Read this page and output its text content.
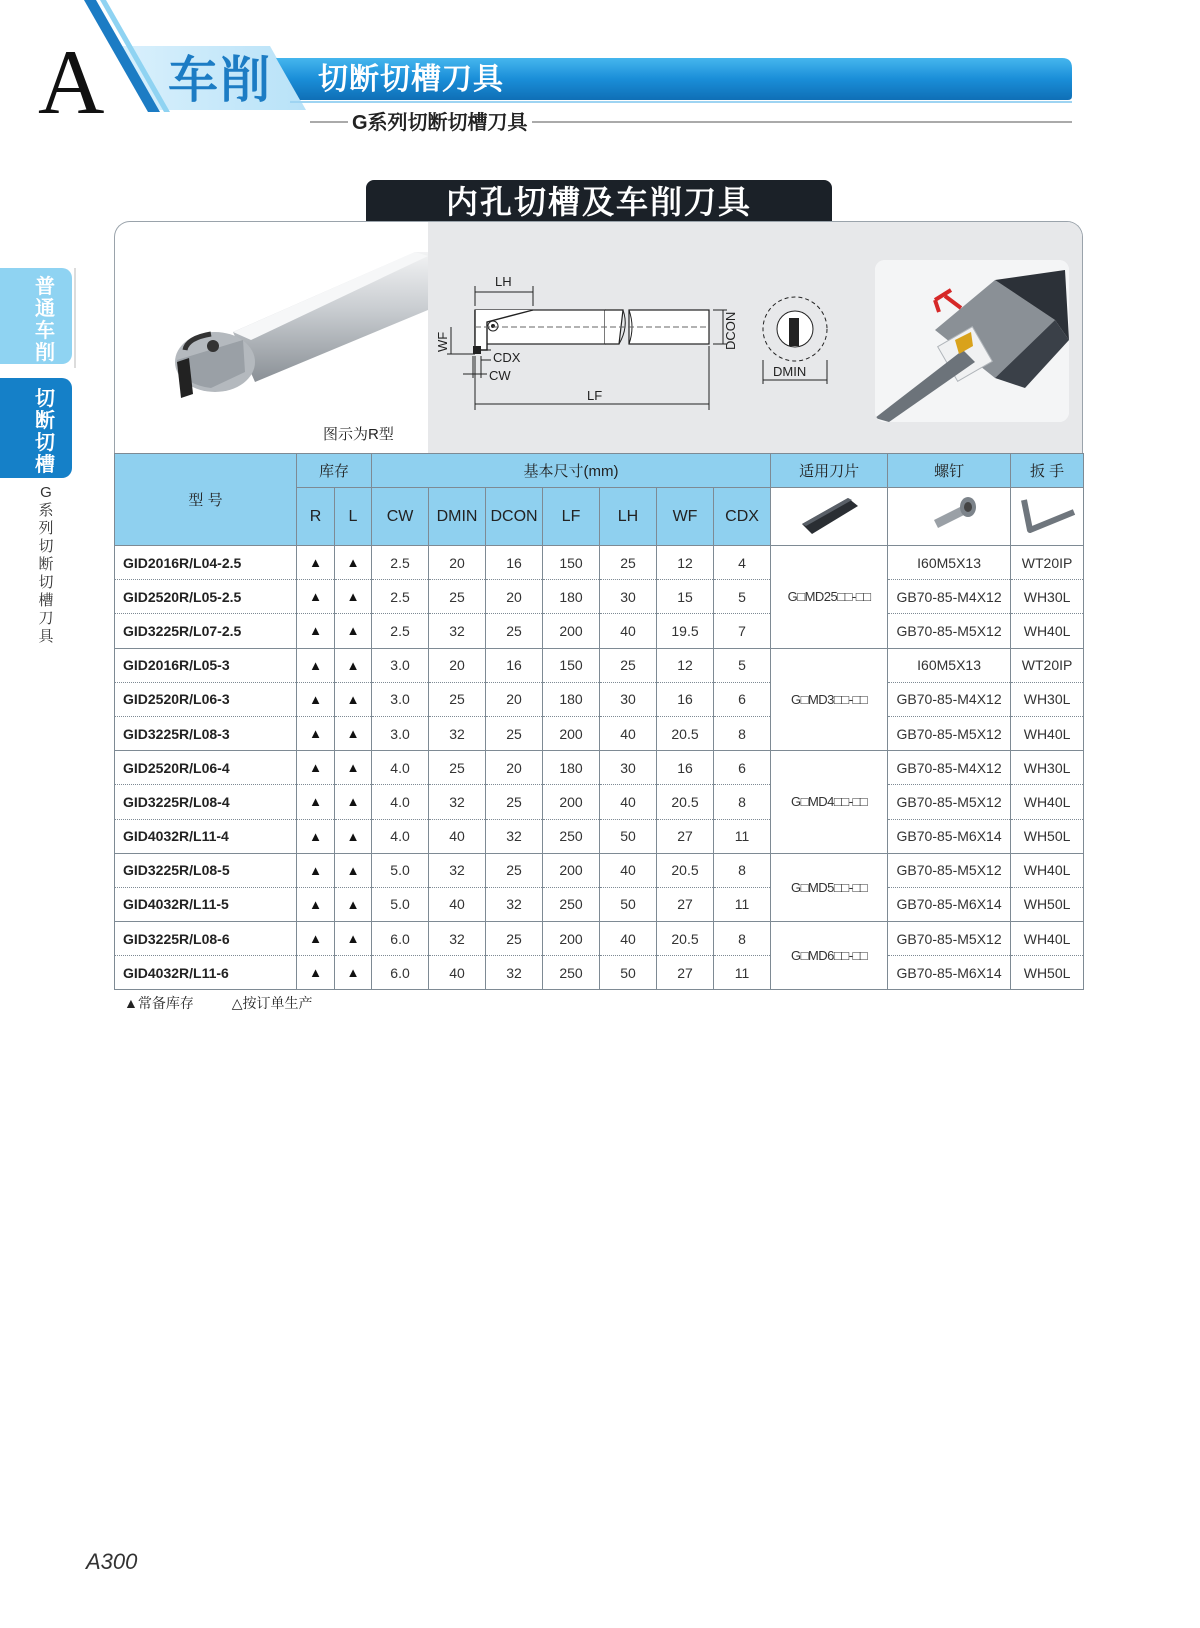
A 车削 切断切槽刀具
G系列切断切槽刀具
普
通
车
削
切
断
切
槽
G
系
列
切
断
切
槽
刀
具
内孔切槽及车削刀具
图示为R型
LH
WF
CDX
CW
LF
DCON
DMIN
型 号	库存		基本尺寸(mm)							适用刀片	螺钉	扳 手
	R	L	CW	DMIN	DCON	LF	LH	WF	CDX			
GID2016R/L04-2.5	▲	▲	2.5	20	16	150	25	12	4	G□MD25□□-□□	I60M5X13	WT20IP
GID2520R/L05-2.5	▲	▲	2.5	25	20	180	30	15	5		GB70-85-M4X12	WH30L
GID3225R/L07-2.5	▲	▲	2.5	32	25	200	40	19.5	7		GB70-85-M5X12	WH40L
GID2016R/L05-3	▲	▲	3.0	20	16	150	25	12	5	G□MD3□□-□□	I60M5X13	WT20IP
GID2520R/L06-3	▲	▲	3.0	25	20	180	30	16	6		GB70-85-M4X12	WH30L
GID3225R/L08-3	▲	▲	3.0	32	25	200	40	20.5	8		GB70-85-M5X12	WH40L
GID2520R/L06-4	▲	▲	4.0	25	20	180	30	16	6	G□MD4□□-□□	GB70-85-M4X12	WH30L
GID3225R/L08-4	▲	▲	4.0	32	25	200	40	20.5	8		GB70-85-M5X12	WH40L
GID4032R/L11-4	▲	▲	4.0	40	32	250	50	27	11		GB70-85-M6X14	WH50L
GID3225R/L08-5	▲	▲	5.0	32	25	200	40	20.5	8	G□MD5□□-□□	GB70-85-M5X12	WH40L
GID4032R/L11-5	▲	▲	5.0	40	32	250	50	27	11		GB70-85-M6X14	WH50L
GID3225R/L08-6	▲	▲	6.0	32	25	200	40	20.5	8	G□MD6□□-□□	GB70-85-M5X12	WH40L
GID4032R/L11-6	▲	▲	6.0	40	32	250	50	27	11		GB70-85-M6X14	WH50L
▲常备库存	△按订单生产
A300
